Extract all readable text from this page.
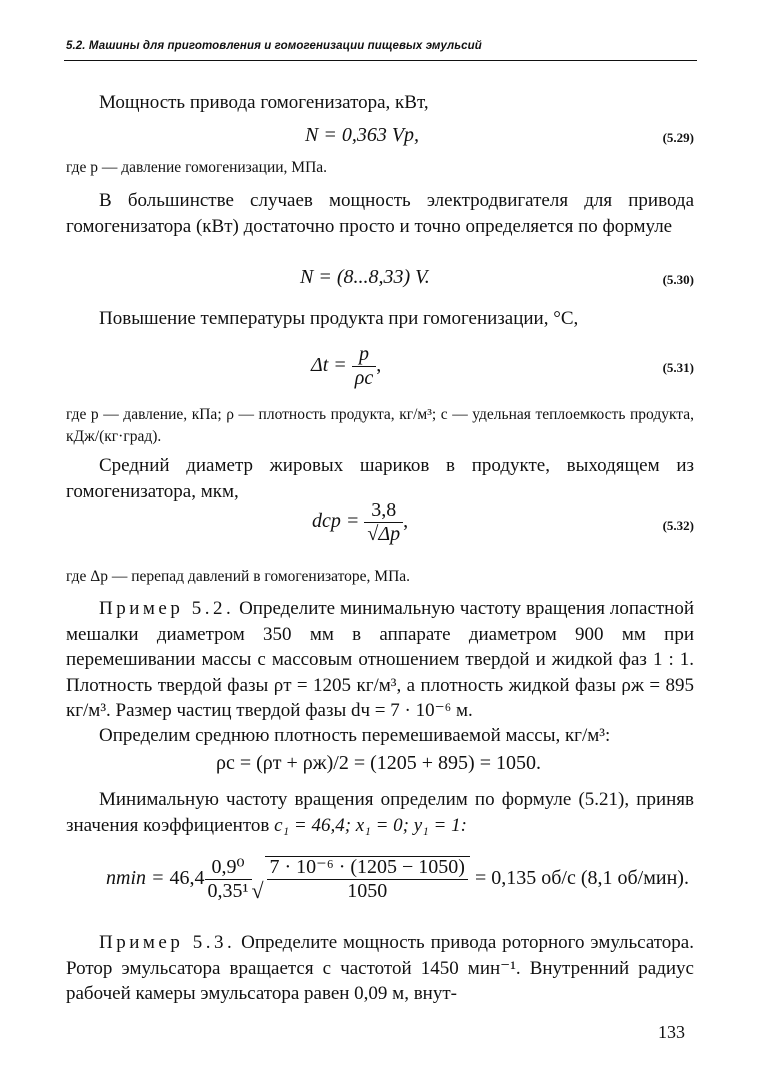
5.2. Машины для приготовления и гомогенизации пищевых эмульсий

Мощность привода гомогенизатора, кВт,

N = 0,363 Vp,	(5.29)

где p — давление гомогенизации, МПа.

В большинстве случаев мощность электродвигателя для привода гомогенизатора (кВт) достаточно просто и точно определяется по формуле

N = (8...8,33) V.	(5.30)

Повышение температуры продукта при гомогенизации, °С,

$\Delta t = \frac{p}{\rho c}$ ,	(5.31)

где p — давление, кПа; ρ — плотность продукта, кг/м³; c — удельная теплоемкость продукта, кДж/(кг·град).

Средний диаметр жировых шариков в продукте, выходящем из гомогенизатора, мкм,

dср = $\frac{3,8}{√\Delta p}$ ,	(5.32)

где Δp — перепад давлений в гомогенизаторе, МПа.

Пример 5.2. Определите минимальную частоту вращения лопастной мешалки диаметром 350 мм в аппарате диаметром 900 мм при перемешивании массы с массовым отношением твердой и жидкой фаз 1 : 1. Плотность твердой фазы ρт = 1205 кг/м³, а плотность жидкой фазы ρж = 895 кг/м³. Размер частиц твердой фазы dч = 7 · 10⁻⁶ м.

Определим среднюю плотность перемешиваемой массы, кг/м³:

ρс = (ρт + ρж)/2 = (1205 + 895) = 1050.

Минимальную частоту вращения определим по формуле (5.21), приняв значения коэффициентов c₁ = 46,4; x₁ = 0; y₁ = 1:

$nmin = 46,4 \frac{\text{0,9⁰}}{\text{0,35¹}}$ √ $\frac{\text{7 · 10⁻⁶ · (1205 − 1050)}}{1050} = 0,135$ об/с (8,1 об/мин).

Пример 5.3. Определите мощность привода роторного эмульсатора. Ротор эмульсатора вращается с частотой 1450 мин⁻¹. Внутренний радиус рабочей камеры эмульсатора равен 0,09 м, внут-

133
